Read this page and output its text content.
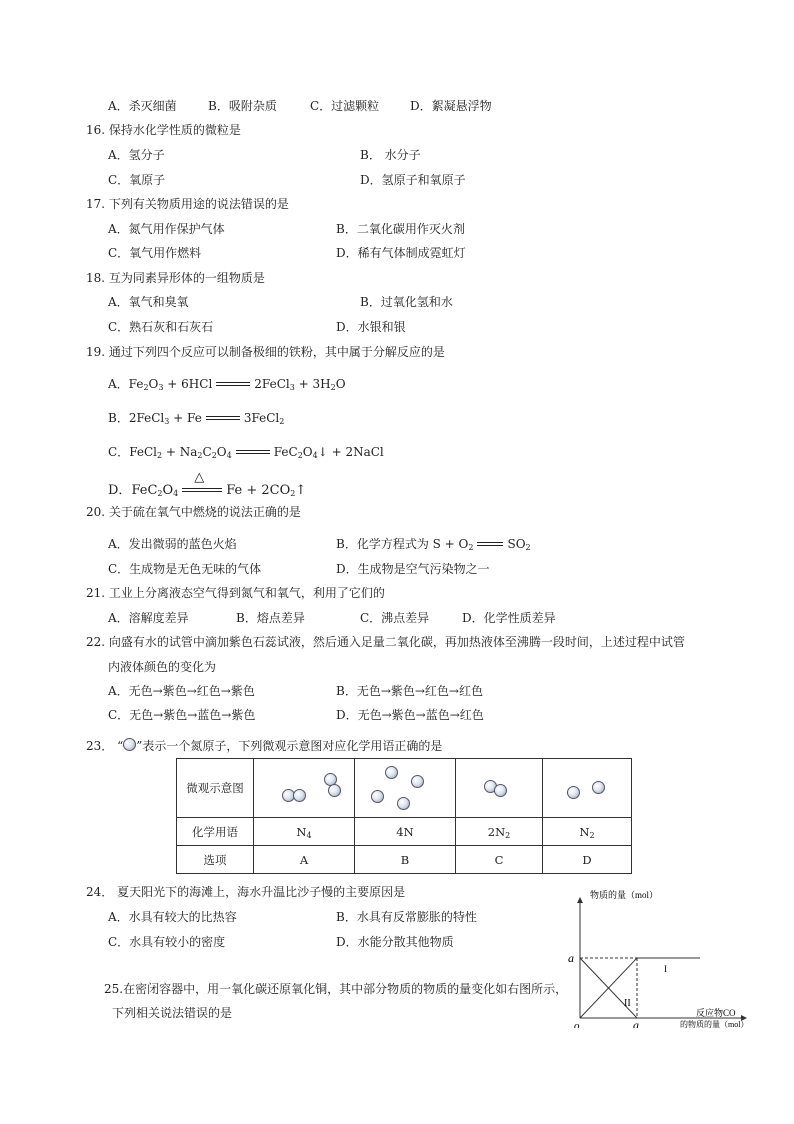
A．杀灭细菌	B．吸附杂质	C．过滤颗粒	D．絮凝悬浮物
16. 保持水化学性质的微粒是
A．氢分子	B． 水分子
C．氧原子	D．氢原子和氧原子
17. 下列有关物质用途的说法错误的是
A．氮气用作保护气体	B．二氧化碳用作灭火剂
C．氧气用作燃料	D．稀有气体制成霓虹灯
18. 互为同素异形体的一组物质是
A．氧气和臭氧	B．过氧化氢和水
C．熟石灰和石灰石	D．水银和银
19. 通过下列四个反应可以制备极细的铁粉，其中属于分解反应的是
A．$Fe_2O_3 + 6HCl$	2FeCl$_3$ + $3H_2O$
B．2FeCl$_3$ + Fe	3FeCl$_2$
C．FeCl$_2$ + $Na_2C_2O_4$	$FeC_2O_4↓$ + 2NaCl
D．$FeC_2O_4$
△
$Fe + 2CO_2↑$
20. 关于硫在氧气中燃烧的说法正确的是
A．发出微弱的蓝色火焰	B．化学方程式为 $S + O_2$	$SO_2$
C．生成物是无色无味的气体	D．生成物是空气污染物之一
21. 工业上分离液态空气得到氮气和氧气，利用了它们的
A．溶解度差异	B．熔点差异	C．沸点差异	D．化学性质差异
22. 向盛有水的试管中滴加紫色石蕊试液，然后通入足量二氧化碳，再加热液体至沸腾一段时间，上述过程中试管
内液体颜色的变化为
A．无色→紫色→红色→紫色	B．无色→紫色→红色→红色
C．无色→紫色→蓝色→紫色	D．无色→紫色→蓝色→红色
23． “ ”表示一个氮原子，下列微观示意图对应化学用语正确的是
微观示意图	

化学用语	$N_4$	4N	$2N_2$	$N_2$
选项	A	B	C	D
24． 夏天阳光下的海滩上，海水升温比沙子慢的主要原因是
A．水具有较大的比热容	B．水具有反常膨胀的特性
C．水具有较小的密度	D．水能分散其他物质
25.在密闭容器中，用一氧化碳还原氧化铜，其中部分物质的物质的量变化如右图所示，
下列相关说法错误的是
物质的量（mol）
反应物CO
的物质的量（mol）
a
a
o
I
II
